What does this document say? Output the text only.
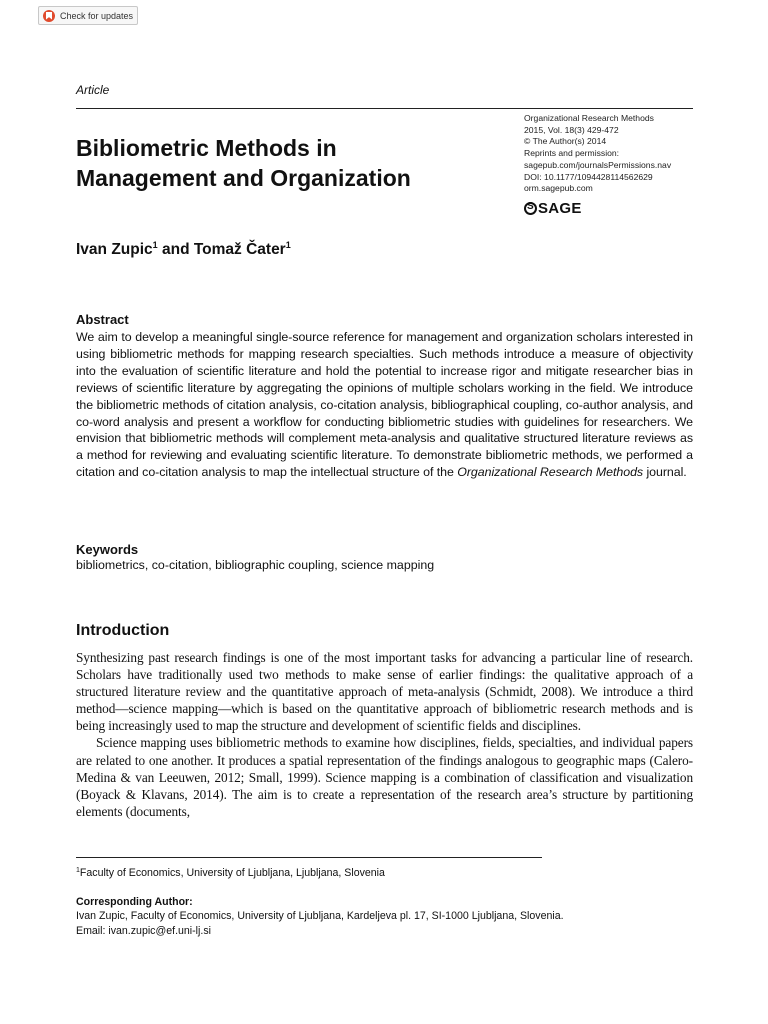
Check for updates
Article
Bibliometric Methods in
Management and Organization
Organizational Research Methods
2015, Vol. 18(3) 429-472
© The Author(s) 2014
Reprints and permission:
sagepub.com/journalsPermissions.nav
DOI: 10.1177/1094428114562629
orm.sagepub.com
S
SAGE
Ivan Zupic$^1$ and Tomaž Čater$^1$
Abstract
We aim to develop a meaningful single-source reference for management and organization scholars interested in using bibliometric methods for mapping research specialties. Such methods introduce a measure of objectivity into the evaluation of scientific literature and hold the potential to increase rigor and mitigate researcher bias in reviews of scientific literature by aggregating the opinions of multiple scholars working in the field. We introduce the bibliometric methods of citation analysis, co-citation analysis, bibliographical coupling, co-author analysis, and co-word analysis and present a workflow for conducting bibliometric studies with guidelines for researchers. We envision that bibliometric methods will complement meta-analysis and qualitative structured literature reviews as a method for reviewing and evaluating scientific literature. To demonstrate bibliometric methods, we performed a citation and co-citation analysis to map the intellectual structure of the Organizational Research Methods journal.
Keywords
bibliometrics, co-citation, bibliographic coupling, science mapping
Introduction

Synthesizing past research findings is one of the most important tasks for advancing a particular line of research. Scholars have traditionally used two methods to make sense of earlier findings: the qualitative approach of a structured literature review and the quantitative approach of meta-analysis (Schmidt, 2008). We introduce a third method—science mapping—which is based on the quantitative approach of bibliometric research methods and is being increasingly used to map the structure and development of scientific fields and disciplines.

Science mapping uses bibliometric methods to examine how disciplines, fields, specialties, and individual papers are related to one another. It produces a spatial representation of the findings analogous to geographic maps (Calero-Medina & van Leeuwen, 2012; Small, 1999). Science mapping is a combination of classification and visualization (Boyack & Klavans, 2014). The aim is to create a representation of the research area’s structure by partitioning elements (documents,

$^1$Faculty of Economics, University of Ljubljana, Ljubljana, Slovenia
Corresponding Author:
Ivan Zupic, Faculty of Economics, University of Ljubljana, Kardeljeva pl. 17, SI-1000 Ljubljana, Slovenia.
Email: ivan.zupic@ef.uni-lj.si
